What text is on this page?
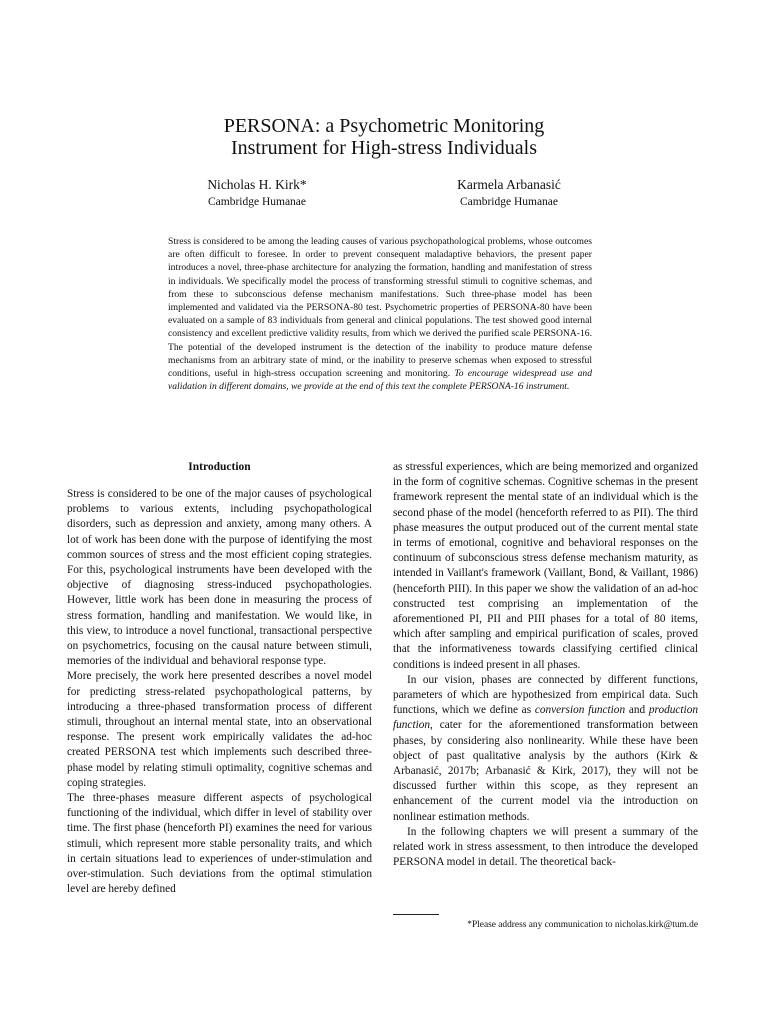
PERSONA: a Psychometric Monitoring
Instrument for High-stress Individuals
Nicholas H. Kirk*
Cambridge Humanae
Karmela Arbanasić
Cambridge Humanae

Stress is considered to be among the leading causes of various psychopathological problems, whose outcomes are often difficult to foresee. In order to prevent consequent maladaptive behaviors, the present paper introduces a novel, three-phase architecture for analyzing the formation, handling and manifestation of stress in individuals. We specifically model the process of transforming stressful stimuli to cognitive schemas, and from these to subconscious defense mechanism manifestations. Such three-phase model has been implemented and validated via the PERSONA-80 test. Psychometric properties of PERSONA-80 have been evaluated on a sample of 83 individuals from general and clinical populations. The test showed good internal consistency and excellent predictive validity results, from which we derived the purified scale PERSONA-16. The potential of the developed instrument is the detection of the inability to produce mature defense mechanisms from an arbitrary state of mind, or the inability to preserve schemas when exposed to stressful conditions, useful in high-stress occupation screening and monitoring. To encourage widespread use and validation in different domains, we provide at the end of this text the complete PERSONA-16 instrument.

Introduction

Stress is considered to be one of the major causes of psychological problems to various extents, including psychopathological disorders, such as depression and anxiety, among many others. A lot of work has been done with the purpose of identifying the most common sources of stress and the most efficient coping strategies. For this, psychological instruments have been developed with the objective of diagnosing stress-induced psychopathologies. However, little work has been done in measuring the process of stress formation, handling and manifestation. We would like, in this view, to introduce a novel functional, transactional perspective on psychometrics, focusing on the causal nature between stimuli, memories of the individual and behavioral response type.

More precisely, the work here presented describes a novel model for predicting stress-related psychopathological patterns, by introducing a three-phased transformation process of different stimuli, throughout an internal mental state, into an observational response. The present work empirically validates the ad-hoc created PERSONA test which implements such described three-phase model by relating stimuli optimality, cognitive schemas and coping strategies.

The three-phases measure different aspects of psychological functioning of the individual, which differ in level of stability over time. The first phase (henceforth PI) examines the need for various stimuli, which represent more stable personality traits, and which in certain situations lead to experiences of under-stimulation and over-stimulation. Such deviations from the optimal stimulation level are hereby defined

as stressful experiences, which are being memorized and organized in the form of cognitive schemas. Cognitive schemas in the present framework represent the mental state of an individual which is the second phase of the model (henceforth referred to as PII). The third phase measures the output produced out of the current mental state in terms of emotional, cognitive and behavioral responses on the continuum of subconscious stress defense mechanism maturity, as intended in Vaillant's framework (Vaillant, Bond, & Vaillant, 1986) (henceforth PIII). In this paper we show the validation of an ad-hoc constructed test comprising an implementation of the aforementioned PI, PII and PIII phases for a total of 80 items, which after sampling and empirical purification of scales, proved that the informativeness towards classifying certified clinical conditions is indeed present in all phases.

In our vision, phases are connected by different functions, parameters of which are hypothesized from empirical data. Such functions, which we define as conversion function and production function, cater for the aforementioned transformation between phases, by considering also nonlinearity. While these have been object of past qualitative analysis by the authors (Kirk & Arbanasić, 2017b; Arbanasić & Kirk, 2017), they will not be discussed further within this scope, as they represent an enhancement of the current model via the introduction on nonlinear estimation methods.

In the following chapters we will present a summary of the related work in stress assessment, to then introduce the developed PERSONA model in detail. The theoretical back-

*Please address any communication to nicholas.kirk@tum.de
